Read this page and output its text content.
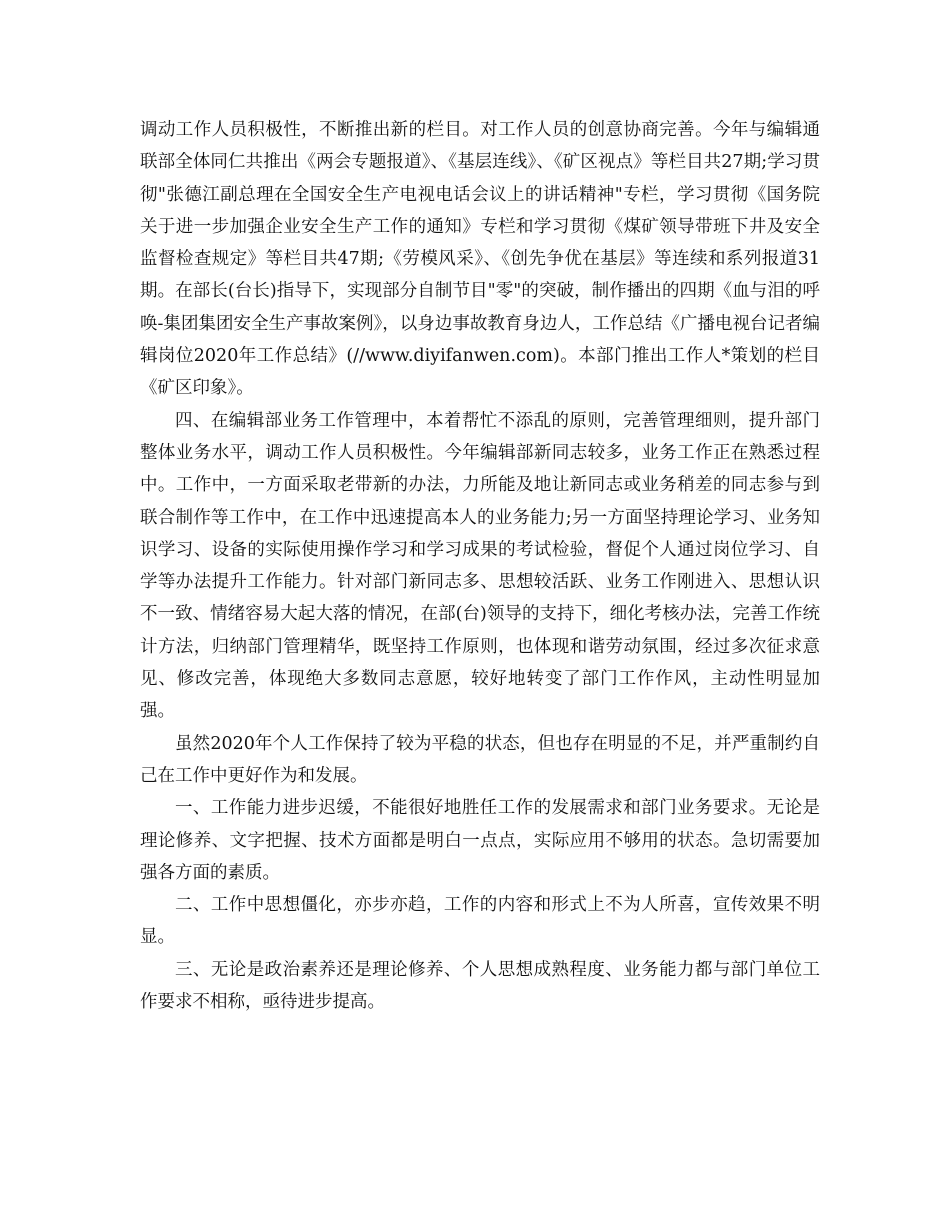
调动工作人员积极性，不断推出新的栏目。对工作人员的创意协商完善。今年与编辑通联部全体同仁共推出《两会专题报道》、《基层连线》、《矿区视点》等栏目共27期;学习贯彻"张德江副总理在全国安全生产电视电话会议上的讲话精神"专栏，学习贯彻《国务院关于进一步加强企业安全生产工作的通知》专栏和学习贯彻《煤矿领导带班下井及安全监督检查规定》等栏目共47期;《劳模风采》、《创先争优在基层》等连续和系列报道31期。在部长(台长)指导下，实现部分自制节目"零"的突破，制作播出的四期《血与泪的呼唤-集团集团安全生产事故案例》，以身边事故教育身边人，工作总结《广播电视台记者编辑岗位2020年工作总结》(//www.diyifanwen.com)。本部门推出工作人*策划的栏目《矿区印象》。

四、在编辑部业务工作管理中，本着帮忙不添乱的原则，完善管理细则，提升部门整体业务水平，调动工作人员积极性。今年编辑部新同志较多，业务工作正在熟悉过程中。工作中，一方面采取老带新的办法，力所能及地让新同志或业务稍差的同志参与到联合制作等工作中，在工作中迅速提高本人的业务能力;另一方面坚持理论学习、业务知识学习、设备的实际使用操作学习和学习成果的考试检验，督促个人通过岗位学习、自学等办法提升工作能力。针对部门新同志多、思想较活跃、业务工作刚进入、思想认识不一致、情绪容易大起大落的情况，在部(台)领导的支持下，细化考核办法，完善工作统计方法，归纳部门管理精华，既坚持工作原则，也体现和谐劳动氛围，经过多次征求意见、修改完善，体现绝大多数同志意愿，较好地转变了部门工作作风，主动性明显加强。

虽然2020年个人工作保持了较为平稳的状态，但也存在明显的不足，并严重制约自己在工作中更好作为和发展。

一、工作能力进步迟缓，不能很好地胜任工作的发展需求和部门业务要求。无论是理论修养、文字把握、技术方面都是明白一点点，实际应用不够用的状态。急切需要加强各方面的素质。

二、工作中思想僵化，亦步亦趋，工作的内容和形式上不为人所喜，宣传效果不明显。

三、无论是政治素养还是理论修养、个人思想成熟程度、业务能力都与部门单位工作要求不相称，亟待进步提高。
